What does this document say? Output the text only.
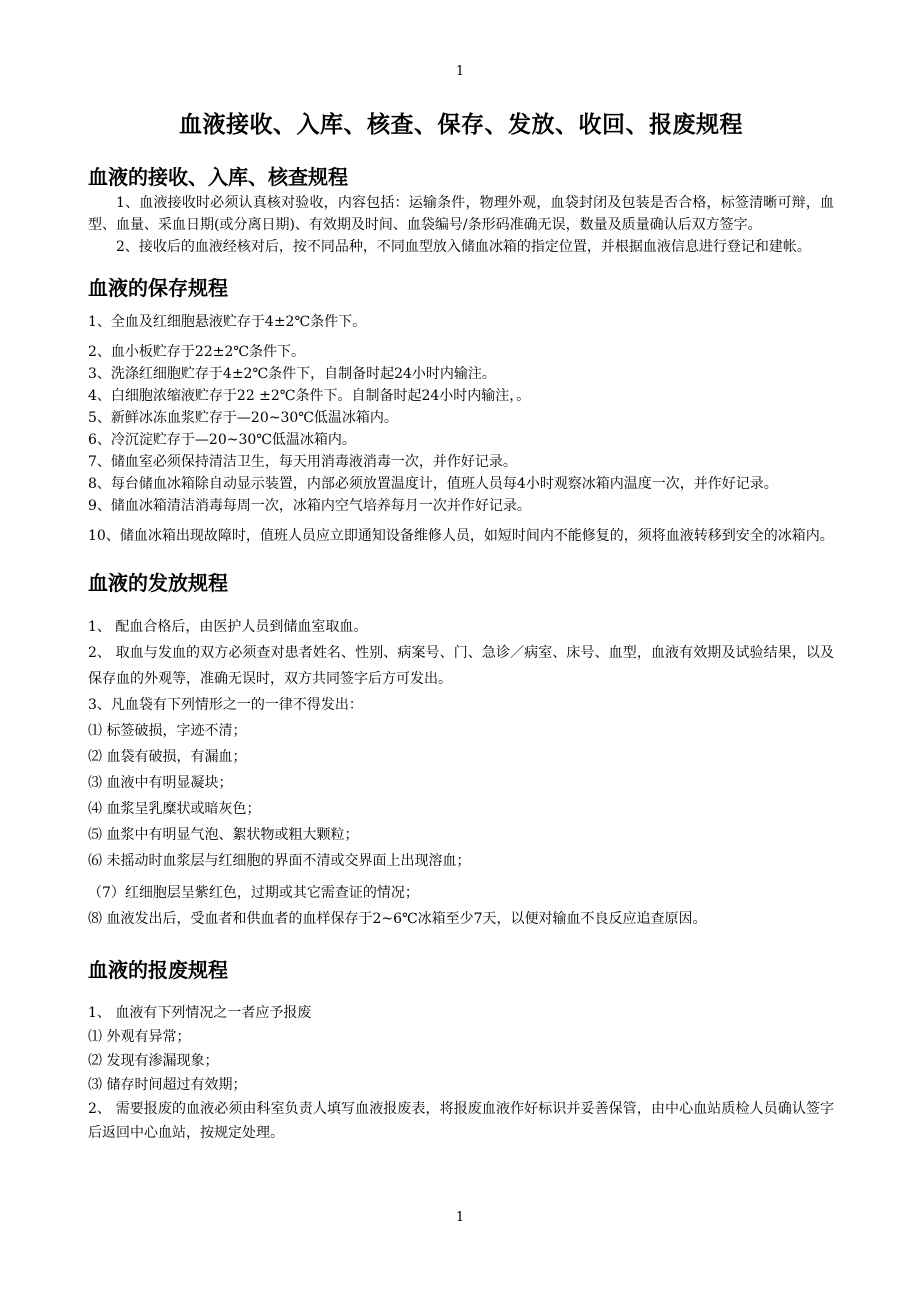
1
血液接收、入库、核查、保存、发放、收回、报废规程
血液的接收、入库、核查规程

1、血液接收时必须认真核对验收，内容包括：运输条件，物理外观，血袋封闭及包装是否合格，标签清晰可辩，血型、血量、采血日期(或分离日期)、有效期及时间、血袋编号/条形码准确无误，数量及质量确认后双方签字。

2、接收后的血液经核对后，按不同品种，不同血型放入储血冰箱的指定位置，并根据血液信息进行登记和建帐。

血液的保存规程

1、全血及红细胞悬液贮存于4±2℃条件下。

2、血小板贮存于22±2℃条件下。

3、洗涤红细胞贮存于4±2℃条件下，自制备时起24小时内输注。

4、白细胞浓缩液贮存于22 ±2℃条件下。自制备时起24小时内输注，。

5、新鲜冰冻血浆贮存于—20~30℃低温冰箱内。

6、冷沉淀贮存于—20~30℃低温冰箱内。

7、储血室必须保持清洁卫生，每天用消毒液消毒一次，并作好记录。

8、每台储血冰箱除自动显示装置，内部必须放置温度计，值班人员每4小时观察冰箱内温度一次，并作好记录。

9、储血冰箱清洁消毒每周一次，冰箱内空气培养每月一次并作好记录。

10、储血冰箱出现故障时，值班人员应立即通知设备维修人员，如短时间内不能修复的，须将血液转移到安全的冰箱内。

血液的发放规程

1、 配血合格后，由医护人员到储血室取血。

2、 取血与发血的双方必须查对患者姓名、性别、病案号、门、急诊／病室、床号、血型，血液有效期及试验结果，以及保存血的外观等，准确无误时，双方共同签字后方可发出。

3、凡血袋有下列情形之一的一律不得发出：

⑴ 标签破损，字迹不清；

⑵ 血袋有破损，有漏血；

⑶ 血液中有明显凝块；

⑷ 血浆呈乳糜状或暗灰色；

⑸ 血浆中有明显气泡、絮状物或粗大颗粒；

⑹ 未摇动时血浆层与红细胞的界面不清或交界面上出现溶血；

（7）红细胞层呈紫红色，过期或其它需查证的情况；

⑻ 血液发出后，受血者和供血者的血样保存于2~6℃冰箱至少7天，以便对输血不良反应追查原因。

血液的报废规程

1、 血液有下列情况之一者应予报废

⑴ 外观有异常；

⑵ 发现有渗漏现象；

⑶ 储存时间超过有效期；

2、 需要报废的血液必须由科室负责人填写血液报废表，将报废血液作好标识并妥善保管，由中心血站质检人员确认签字后返回中心血站，按规定处理。

1
